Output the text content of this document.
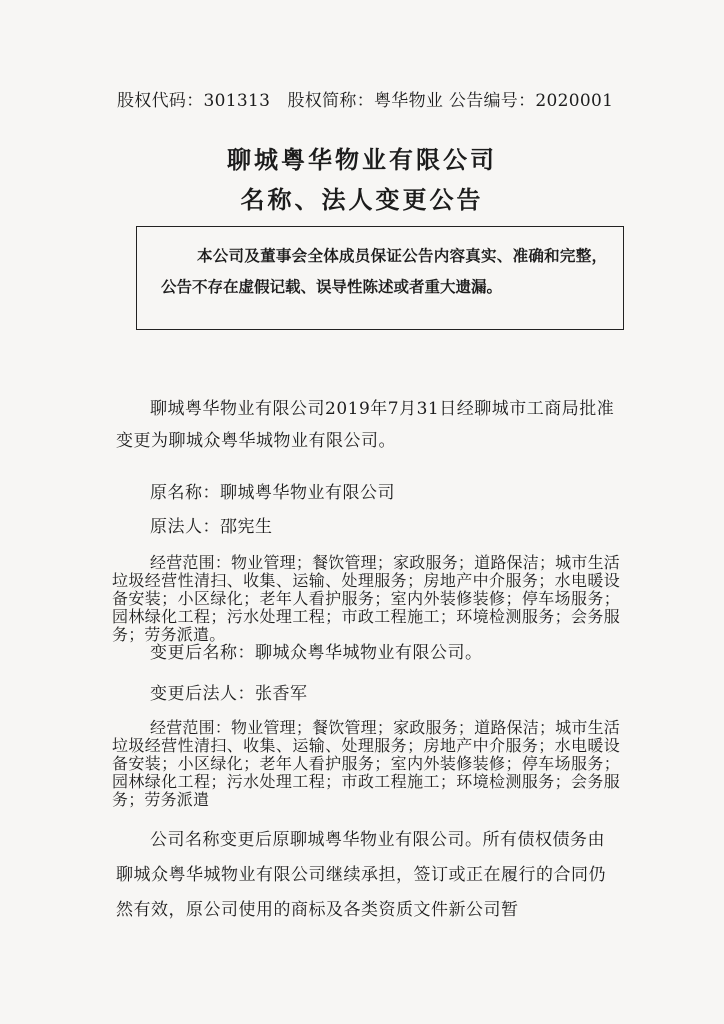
股权代码：301313　股权简称：粤华物业 公告编号：2020001
聊城粤华物业有限公司
名称、法人变更公告
本公司及董事会全体成员保证公告内容真实、准确和完整，公告不存在虚假记载、误导性陈述或者重大遗漏。
聊城粤华物业有限公司2019年7月31日经聊城市工商局批准变更为聊城众粤华城物业有限公司。
原名称：聊城粤华物业有限公司
原法人：邵宪生
经营范围：物业管理；餐饮管理；家政服务；道路保洁；城市生活垃圾经营性清扫、收集、运输、处理服务；房地产中介服务；水电暖设备安装；小区绿化；老年人看护服务；室内外装修装修；停车场服务；园林绿化工程；污水处理工程；市政工程施工；环境检测服务；会务服务；劳务派遣。
变更后名称：聊城众粤华城物业有限公司。
变更后法人：张香军
经营范围：物业管理；餐饮管理；家政服务；道路保洁；城市生活垃圾经营性清扫、收集、运输、处理服务；房地产中介服务；水电暖设备安装；小区绿化；老年人看护服务；室内外装修装修；停车场服务；园林绿化工程；污水处理工程；市政工程施工；环境检测服务；会务服务；劳务派遣
公司名称变更后原聊城粤华物业有限公司。所有债权债务由聊城众粤华城物业有限公司继续承担，签订或正在履行的合同仍然有效，原公司使用的商标及各类资质文件新公司暂
